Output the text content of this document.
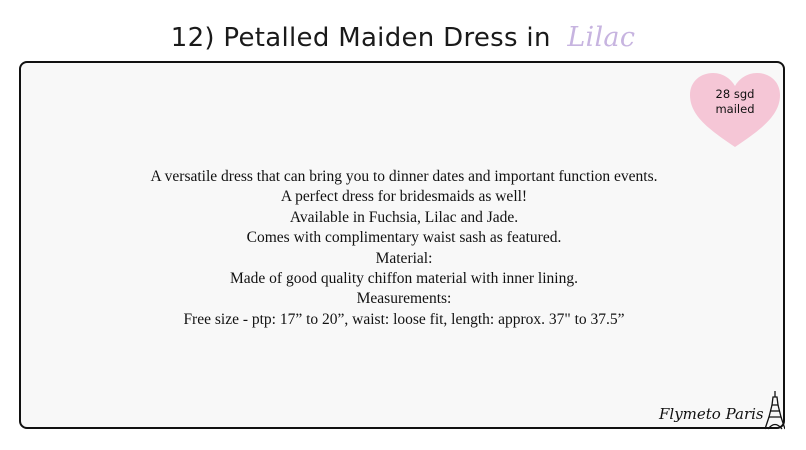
12) Petalled Maiden Dress in Lilac
28 sgd
mailed
A versatile dress that can bring you to dinner dates and important function events.
A perfect dress for bridesmaids as well!
Available in Fuchsia, Lilac and Jade.
Comes with complimentary waist sash as featured.
Material:
Made of good quality chiffon material with inner lining.
Measurements:
Free size - ptp: 17” to 20”, waist: loose fit, length: approx. 37" to 37.5”
Flymeto Paris
